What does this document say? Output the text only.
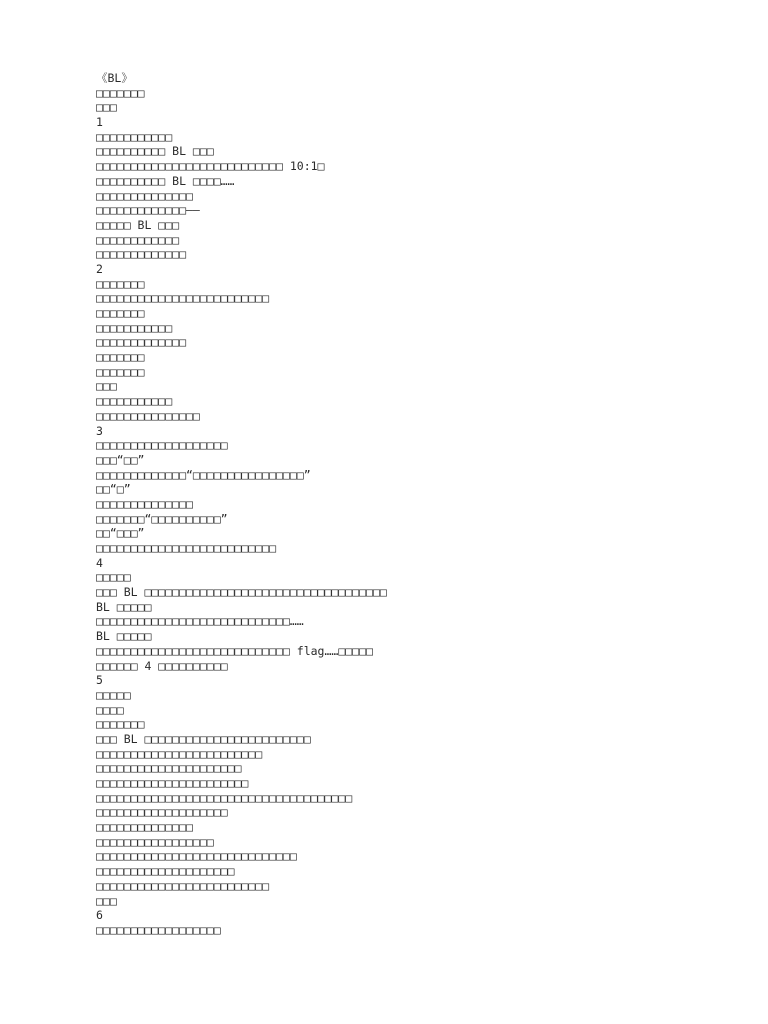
《BL》
□□□□□□□
□□□
1
□□□□□□□□□□□
□□□□□□□□□□ BL □□□
□□□□□□□□□□□□□□□□□□□□□□□□□□□ 10:1□
□□□□□□□□□□ BL □□□□……
□□□□□□□□□□□□□□
□□□□□□□□□□□□□——
□□□□□ BL □□□
□□□□□□□□□□□□
□□□□□□□□□□□□□
2
□□□□□□□
□□□□□□□□□□□□□□□□□□□□□□□□□
□□□□□□□
□□□□□□□□□□□
□□□□□□□□□□□□□
□□□□□□□
□□□□□□□
□□□
□□□□□□□□□□□
□□□□□□□□□□□□□□□
3
□□□□□□□□□□□□□□□□□□□
□□□“□□”
□□□□□□□□□□□□□“□□□□□□□□□□□□□□□□”
□□“□”
□□□□□□□□□□□□□□
□□□□□□□“□□□□□□□□□□”
□□“□□□”
□□□□□□□□□□□□□□□□□□□□□□□□□□
4
□□□□□
□□□ BL □□□□□□□□□□□□□□□□□□□□□□□□□□□□□□□□□□□
BL □□□□□
□□□□□□□□□□□□□□□□□□□□□□□□□□□□……
BL □□□□□
□□□□□□□□□□□□□□□□□□□□□□□□□□□□ flag……□□□□□
□□□□□□ 4 □□□□□□□□□□
5
□□□□□
□□□□
□□□□□□□
□□□ BL □□□□□□□□□□□□□□□□□□□□□□□□
□□□□□□□□□□□□□□□□□□□□□□□□
□□□□□□□□□□□□□□□□□□□□□
□□□□□□□□□□□□□□□□□□□□□□
□□□□□□□□□□□□□□□□□□□□□□□□□□□□□□□□□□□□□
□□□□□□□□□□□□□□□□□□□
□□□□□□□□□□□□□□
□□□□□□□□□□□□□□□□□
□□□□□□□□□□□□□□□□□□□□□□□□□□□□□
□□□□□□□□□□□□□□□□□□□□
□□□□□□□□□□□□□□□□□□□□□□□□□
□□□
6
□□□□□□□□□□□□□□□□□□
